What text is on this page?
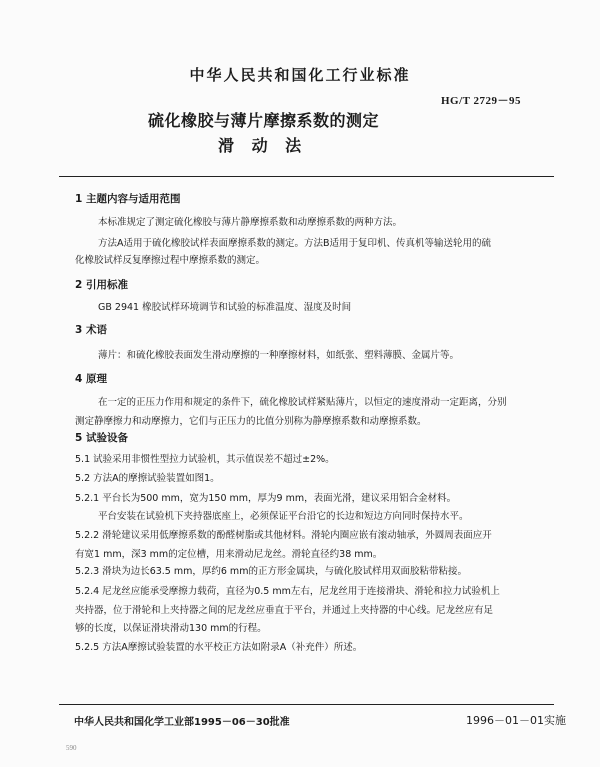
中华人民共和国化工行业标准
HG/T 2729－95
硫化橡胶与薄片摩擦系数的测定
滑 动 法
1 主题内容与适用范围
本标准规定了测定硫化橡胶与薄片静摩擦系数和动摩擦系数的两种方法。
方法A适用于硫化橡胶试样表面摩擦系数的测定。方法B适用于复印机、传真机等输送轮用的硫
化橡胶试样反复摩擦过程中摩擦系数的测定。
2 引用标准
GB 2941 橡胶试样环境调节和试验的标准温度、湿度及时间
3 术语
薄片：和硫化橡胶表面发生滑动摩擦的一种摩擦材料，如纸张、塑料薄膜、金属片等。
4 原理
在一定的正压力作用和规定的条件下，硫化橡胶试样紧贴薄片，以恒定的速度滑动一定距离，分别
测定静摩擦力和动摩擦力，它们与正压力的比值分别称为静摩擦系数和动摩擦系数。
5 试验设备
5.1 试验采用非惯性型拉力试验机，其示值误差不超过±2%。
5.2 方法A的摩擦试验装置如图1。
5.2.1 平台长为500 mm，宽为150 mm，厚为9 mm，表面光滑，建议采用铝合金材料。
平台安装在试验机下夹持器底座上，必须保证平台沿它的长边和短边方向同时保持水平。
5.2.2 滑轮建议采用低摩擦系数的酚醛树脂或其他材料。滑轮内圈应嵌有滚动轴承，外圆周表面应开
有宽1 mm，深3 mm的定位槽，用来滑动尼龙丝。滑轮直径约38 mm。
5.2.3 滑块为边长63.5 mm，厚约6 mm的正方形金属块，与硫化胶试样用双面胶粘带粘接。
5.2.4 尼龙丝应能承受摩擦力载荷，直径为0.5 mm左右，尼龙丝用于连接滑块、滑轮和拉力试验机上
夹持器，位于滑轮和上夹持器之间的尼龙丝应垂直于平台，并通过上夹持器的中心线。尼龙丝应有足
够的长度，以保证滑块滑动130 mm的行程。
5.2.5 方法A摩擦试验装置的水平校正方法如附录A（补充件）所述。
中华人民共和国化学工业部1995－06－30批准	1996－01－01实施
590
